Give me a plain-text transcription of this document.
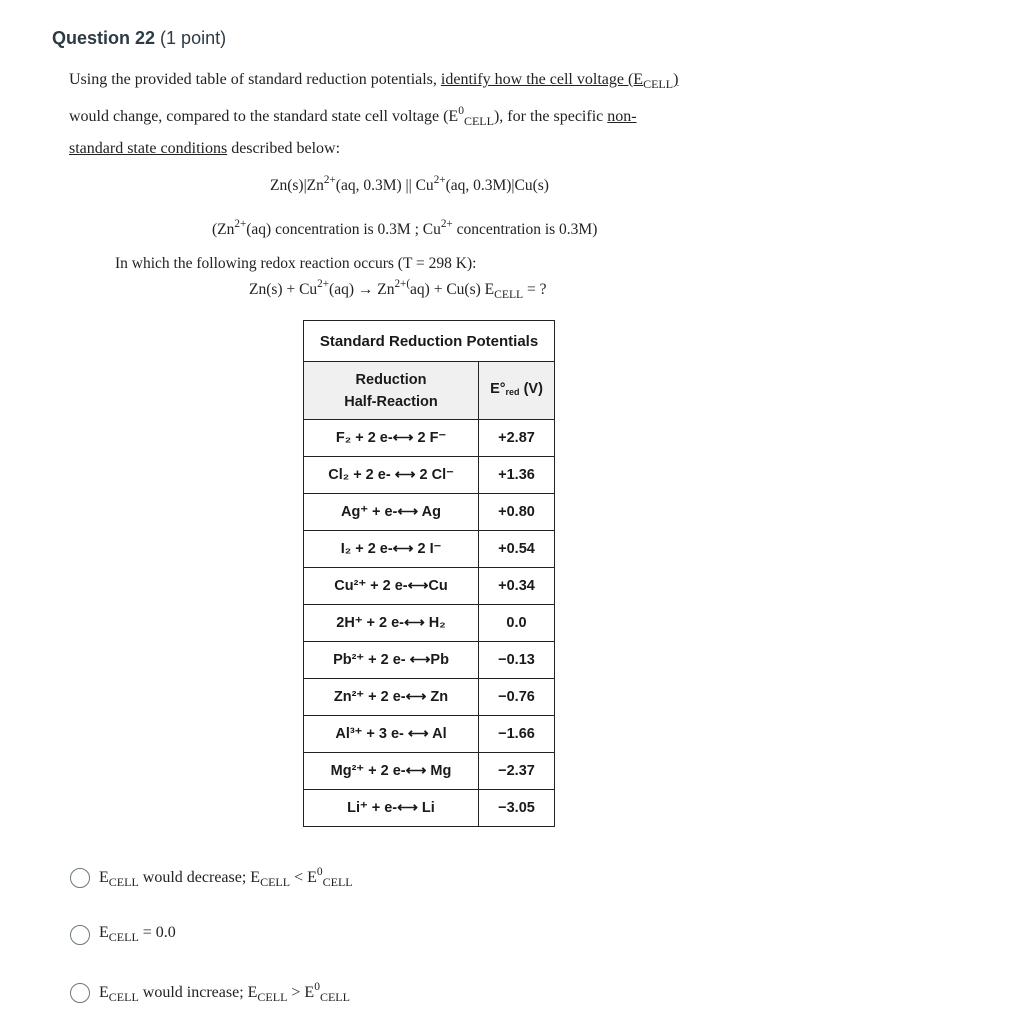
Question 22 (1 point)

Using the provided table of standard reduction potentials, identify how the cell voltage $(E_{CELL})$

would change, compared to the standard state cell voltage $(E^0_{CELL})$, for the specific non-

standard state conditions described below:

$Zn(s)|Zn^{2+}(aq$, 0.3M) || $Cu^{2+}(aq$, 0.3M)|Cu(s)
($Zn^{2+}(aq)$ concentration is 0.3M ; $Cu^{2+}$ concentration is 0.3M)
In which the following redox reaction occurs (T = 298 K):
$Zn(s) + Cu^{2+}(aq) \to Zn^{2+(}aq) + Cu(s)$ $E_{CELL}$ = ?
Standard Reduction Potentials	
Reduction
Half-Reaction	E°red (V)
F₂ + 2 e-⟷ 2 F⁻	+2.87
Cl₂ + 2 e- ⟷ 2 Cl⁻	+1.36
Ag⁺ + e-⟷ Ag	+0.80
I₂ + 2 e-⟷ 2 I⁻	+0.54
Cu²⁺ + 2 e-⟷Cu	+0.34
2H⁺ + 2 e-⟷ H₂	0.0
Pb²⁺ + 2 e- ⟷Pb	−0.13
Zn²⁺ + 2 e-⟷ Zn	−0.76
Al³⁺ + 3 e- ⟷ Al	−1.66
Mg²⁺ + 2 e-⟷ Mg	−2.37
Li⁺ + e-⟷ Li	−3.05
$E_{CELL}$ would decrease; $E_{CELL} < E^0_{CELL}$
$E_{CELL} = 0.0$
$E_{CELL}$ would increase; $E_{CELL} > E^0_{CELL}$
